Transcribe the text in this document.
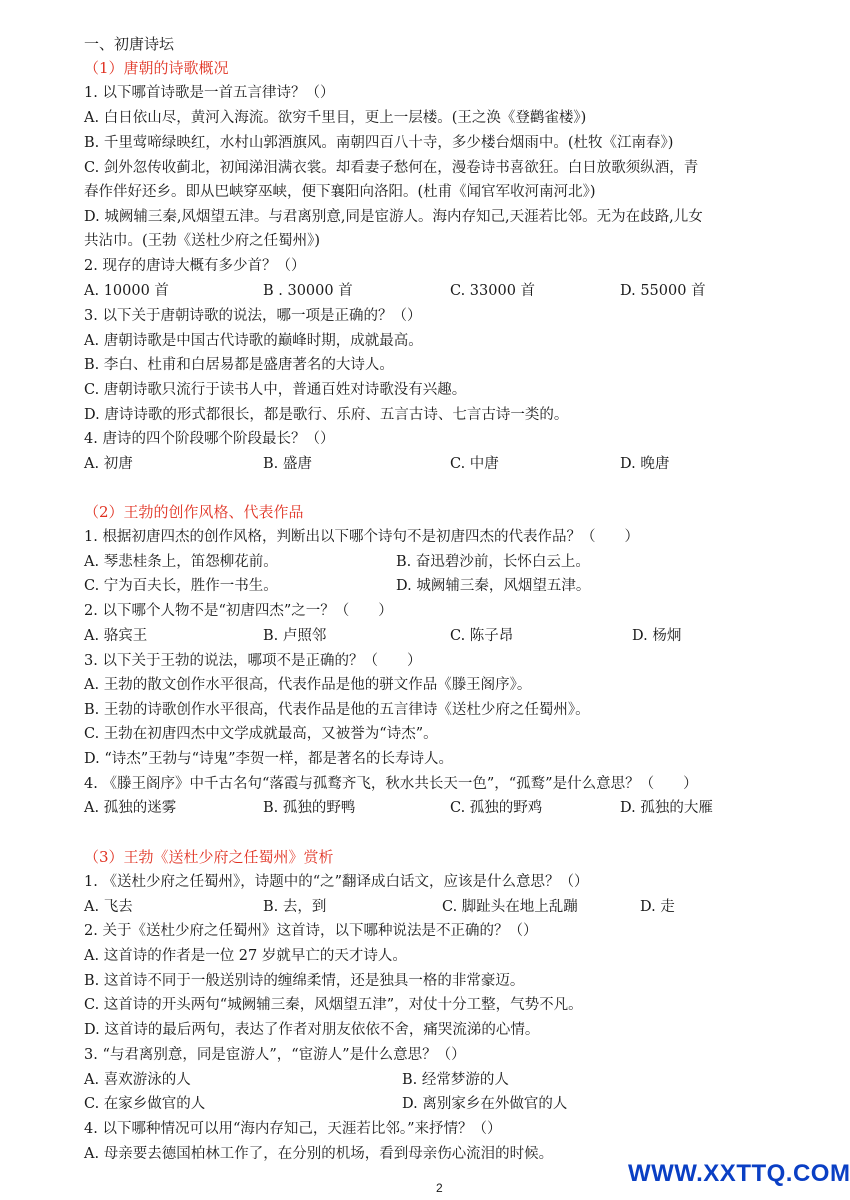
一、初唐诗坛
（1）唐朝的诗歌概况
1. 以下哪首诗歌是一首五言律诗？（）
A. 白日依山尽，黄河入海流。欲穷千里目，更上一层楼。(王之涣《登鹳雀楼》)
B. 千里莺啼绿映红，水村山郭酒旗风。南朝四百八十寺，多少楼台烟雨中。(杜牧《江南春》)
C. 剑外忽传收蓟北，初闻涕泪满衣裳。却看妻子愁何在，漫卷诗书喜欲狂。白日放歌须纵酒，青
春作伴好还乡。即从巴峡穿巫峡，便下襄阳向洛阳。(杜甫《闻官军收河南河北》)
D. 城阙辅三秦,风烟望五津。与君离别意,同是宦游人。海内存知己,天涯若比邻。无为在歧路,儿女
共沾巾。(王勃《送杜少府之任蜀州》)
2. 现存的唐诗大概有多少首？（）
A. 10000 首	B . 30000 首	C. 33000 首	D. 55000 首
3. 以下关于唐朝诗歌的说法，哪一项是正确的？（）
A. 唐朝诗歌是中国古代诗歌的巅峰时期，成就最高。
B. 李白、杜甫和白居易都是盛唐著名的大诗人。
C. 唐朝诗歌只流行于读书人中，普通百姓对诗歌没有兴趣。
D. 唐诗诗歌的形式都很长，都是歌行、乐府、五言古诗、七言古诗一类的。
4. 唐诗的四个阶段哪个阶段最长？（）
A. 初唐	B. 盛唐	C. 中唐	D. 晚唐
（2）王勃的创作风格、代表作品
1. 根据初唐四杰的创作风格，判断出以下哪个诗句不是初唐四杰的代表作品？（　　）
A. 琴悲桂条上，笛怨柳花前。	B. 奋迅碧沙前，长怀白云上。
C. 宁为百夫长，胜作一书生。	D. 城阙辅三秦，风烟望五津。
2. 以下哪个人物不是“初唐四杰”之一？（　　）
A. 骆宾王	B. 卢照邻	C. 陈子昂	D. 杨炯
3. 以下关于王勃的说法，哪项不是正确的？（　　）
A. 王勃的散文创作水平很高，代表作品是他的骈文作品《滕王阁序》。
B. 王勃的诗歌创作水平很高，代表作品是他的五言律诗《送杜少府之任蜀州》。
C. 王勃在初唐四杰中文学成就最高，又被誉为“诗杰”。
D. “诗杰”王勃与“诗鬼”李贺一样，都是著名的长寿诗人。
4. 《滕王阁序》中千古名句“落霞与孤鹜齐飞，秋水共长天一色”，“孤鹜”是什么意思？（　　）
A. 孤独的迷雾	B. 孤独的野鸭	C. 孤独的野鸡	D. 孤独的大雁
（3）王勃《送杜少府之任蜀州》赏析
1. 《送杜少府之任蜀州》，诗题中的“之”翻译成白话文，应该是什么意思？（）
A. 飞去	B. 去，到	C. 脚趾头在地上乱蹦	D. 走
2. 关于《送杜少府之任蜀州》这首诗，以下哪种说法是不正确的？（）
A. 这首诗的作者是一位 27 岁就早亡的天才诗人。
B. 这首诗不同于一般送别诗的缠绵柔情，还是独具一格的非常豪迈。
C. 这首诗的开头两句“城阙辅三秦，风烟望五津”，对仗十分工整，气势不凡。
D. 这首诗的最后两句，表达了作者对朋友依依不舍，痛哭流涕的心情。
3. “与君离别意，同是宦游人”，“宦游人”是什么意思？（）
A. 喜欢游泳的人	B. 经常梦游的人
C. 在家乡做官的人	D. 离别家乡在外做官的人
4. 以下哪种情况可以用“海内存知己，天涯若比邻。”来抒情？（）
A. 母亲要去德国柏林工作了，在分别的机场，看到母亲伤心流泪的时候。
2
WWW.XXTTQ.COM
